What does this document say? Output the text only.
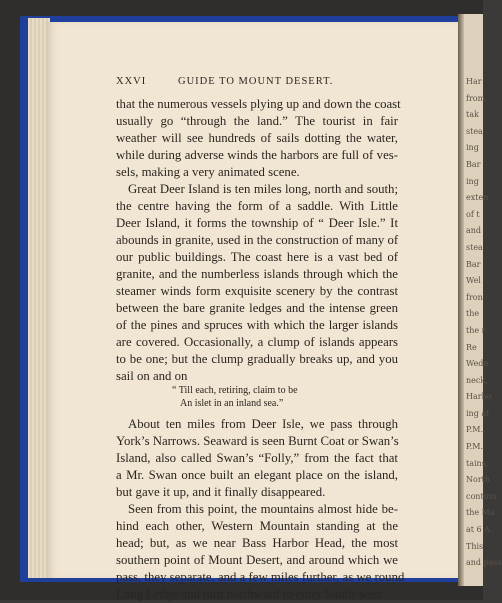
Har
from
tak
stea
ing
Bar
ing
exten
of t
and
stea
Bar
Wel
fron
the
the r
Re
Wedn
neck,
Harbo
ing at
P.M.,
P.M.
tains,
North
continu
the Ma
at 6 A.
This
and pass
XXVI	GUIDE TO MOUNT DESERT.
that the numerous vessels plying up and down the coast
usually go “through the land.” The tourist in fair
weather will see hundreds of sails dotting the water,
while during adverse winds the harbors are full of ves-
sels, making a very animated scene.
Great Deer Island is ten miles long, north and south;
the centre having the form of a saddle. With Little
Deer Island, it forms the township of “ Deer Isle.” It
abounds in granite, used in the construction of many of
our public buildings. The coast here is a vast bed of
granite, and the numberless islands through which the
steamer winds form exquisite scenery by the contrast
between the bare granite ledges and the intense green
of the pines and spruces with which the larger islands
are covered. Occasionally, a clump of islands appears
to be one; but the clump gradually breaks up, and you
sail on and on
“ Till each, retiring, claim to be
An islet in an inland sea.”
About ten miles from Deer Isle, we pass through
York’s Narrows. Seaward is seen Burnt Coat or Swan’s
Island, also called Swan’s “Folly,” from the fact that
a Mr. Swan once built an elegant place on the island,
but gave it up, and it finally disappeared.
Seen from this point, the mountains almost hide be-
hind each other, Western Mountain standing at the
head; but, as we near Bass Harbor Head, the most
southern point of Mount Desert, and around which we
pass, they separate, and a few miles further, as we round
Long Ledge and turn northward to enter South-west
